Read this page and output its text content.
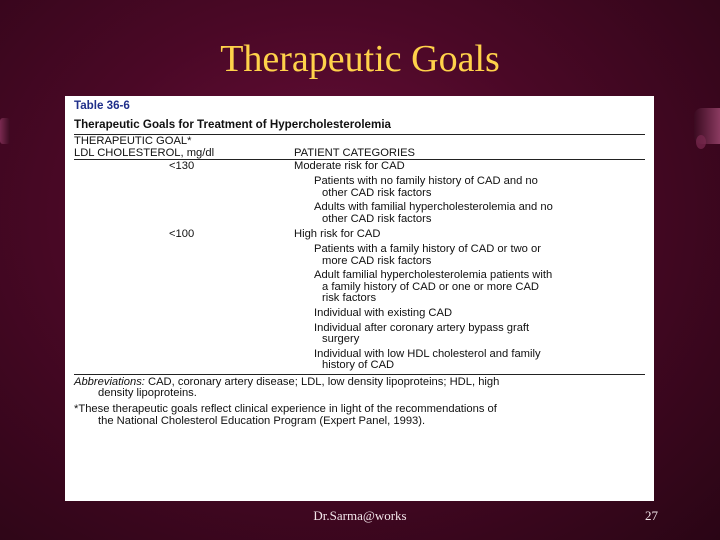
Therapeutic Goals
Table 36-6
Therapeutic Goals for Treatment of Hypercholesterolemia
THERAPEUTIC GOAL*
LDL CHOLESTEROL, mg/dl	PATIENT CATEGORIES
<130	Moderate risk for CAD
Patients with no family history of CAD and no
other CAD risk factors
Adults with familial hypercholesterolemia and no
other CAD risk factors
<100	High risk for CAD
Patients with a family history of CAD or two or
more CAD risk factors
Adult familial hypercholesterolemia patients with
a family history of CAD or one or more CAD
risk factors
Individual with existing CAD
Individual after coronary artery bypass graft
surgery
Individual with low HDL cholesterol and family
history of CAD
Abbreviations: CAD, coronary artery disease; LDL, low density lipoproteins; HDL, high
density lipoproteins.
*These therapeutic goals reflect clinical experience in light of the recommendations of
the National Cholesterol Education Program (Expert Panel, 1993).
Dr.Sarma@works	27
